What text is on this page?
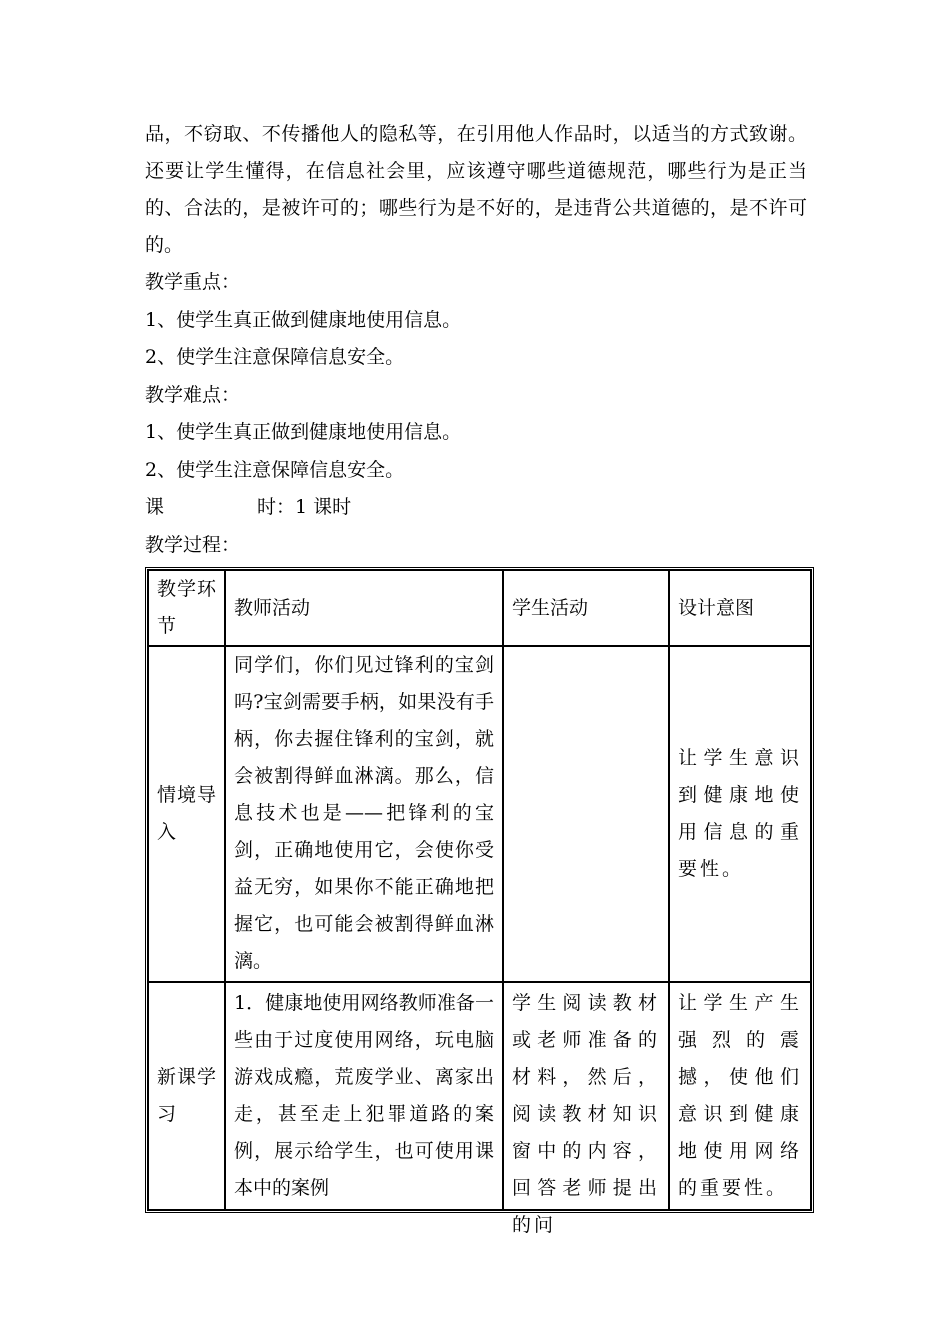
品，不窃取、不传播他人的隐私等，在引用他人作品时，以适当的方式致谢。还要让学生懂得，在信息社会里，应该遵守哪些道德规范，哪些行为是正当的、合法的，是被许可的；哪些行为是不好的，是违背公共道德的，是不许可的。

教学重点：

1、使学生真正做到健康地使用信息。

2、使学生注意保障信息安全。

教学难点：

1、使学生真正做到健康地使用信息。

2、使学生注意保障信息安全。

课	时：1 课时

教学过程：

教学环节	教师活动	学生活动	设计意图
情境导入	同学们，你们见过锋利的宝剑吗?宝剑需要手柄，如果没有手柄，你去握住锋利的宝剑，就会被割得鲜血淋漓。那么，信息技术也是——把锋利的宝剑，正确地使用它，会使你受益无穷，如果你不能正确地把握它，也可能会被割得鲜血淋漓。		让学生意识到健康地使用信息的重要性。
新课学习	1．健康地使用网络教师准备一些由于过度使用网络，玩电脑游戏成瘾，荒废学业、离家出走，甚至走上犯罪道路的案例，展示给学生，也可使用课本中的案例	学生阅读教材或老师准备的材料，然后，阅读教材知识窗中的内容，回答老师提出的问	让学生产生强烈的震撼，使他们意识到健康地使用网络的重要性。
